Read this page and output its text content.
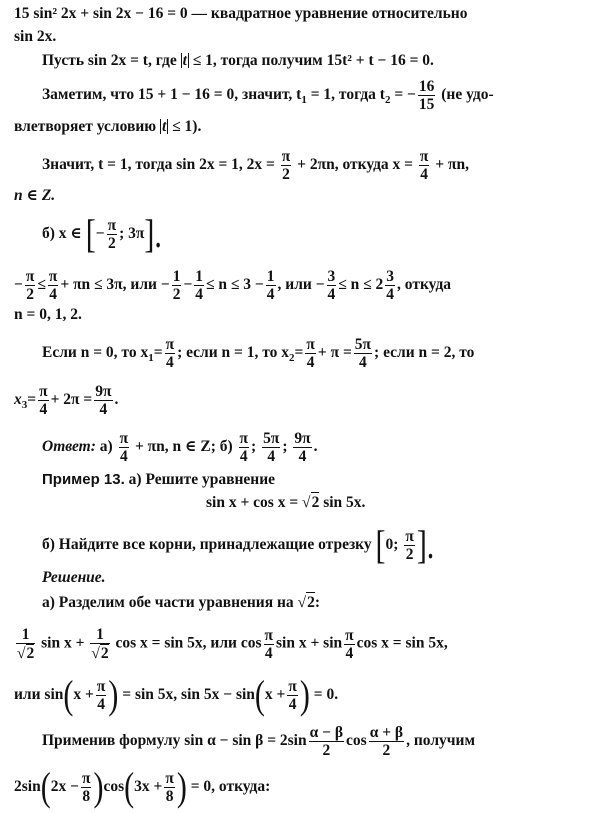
15 sin² 2x + sin 2x − 16 = 0 — квадратное уравнение относительно
sin 2x.
Пусть sin 2x = t, где t ≤ 1, тогда получим 15t² + t − 16 = 0.
Заметим, что 15 + 1 − 16 = 0, значит, $t_1 = 1$, тогда $t_2$ = − $\frac{16}{15} (не$ удо-
влетворяет условию t ≤ 1).
Значит, t = 1, тогда sin 2x = 1, $2x = \frac{\pi}{2} + 2\pi n$, откуда $x = \frac{\pi}{4} + \pi n$,
n ∈ Z.
б) x ∈ [− $\frac{\pi}{2}$ ; 3π].
− $\frac{\pi}{2} \le \frac{\pi}{4} + \pi n \le 3\pi$, или − $\frac{1}{2} - \frac{1}{4} \le n \le 3 - \frac{1}{4}$ , или − $\frac{3}{4} \le n \le 2 \frac{3}{4}$ , откуда
n = 0, 1, 2.
Если n = 0, то $x_1= \frac{\pi}{4}$ ; если n = 1, то $x_2= \frac{\pi}{4} + \pi = \frac{5\pi}{4}$ ; если n = 2, то
$x_3= \frac{\pi}{4} + 2\pi = \frac{9\pi}{4}$ .
Ответ: $а) \frac{\pi}{4} + \pi n$, n ∈ Z; $б) \frac{\pi}{4}$ ; $\frac{5\pi}{4}$ ; $\frac{9\pi}{4}$ .
Пример 13. а) Решите уравнение
sin x + cos x = √2 sin 5x.
б) Найдите все корни, принадлежащие отрезку [0; $\frac{\pi}{2}$ ].
Решение.
а) Разделим обе части уравнения на √2:
$\frac{1}{√2}$ $\sin x + \frac{1}{√2}$ cos x = sin 5x, или $\cos \frac{\pi}{4}$ $\sin x + \sin \frac{\pi}{4}$ cos x = sin 5x,
или $\sin(x + \frac{\pi}{4}$ ) = sin 5x, $\sin 5x - \sin(x + \frac{\pi}{4}$ ) = 0.
Применив формулу $\sin \alpha - \sin \beta = 2\sin \frac{\alpha - \beta}{2}$ $\cos \frac{\alpha + \beta}{2}$ , получим
$2\sin(2x - \frac{\pi}{8} )\cos(3x + \frac{\pi}{8}$ ) = 0, откуда:
